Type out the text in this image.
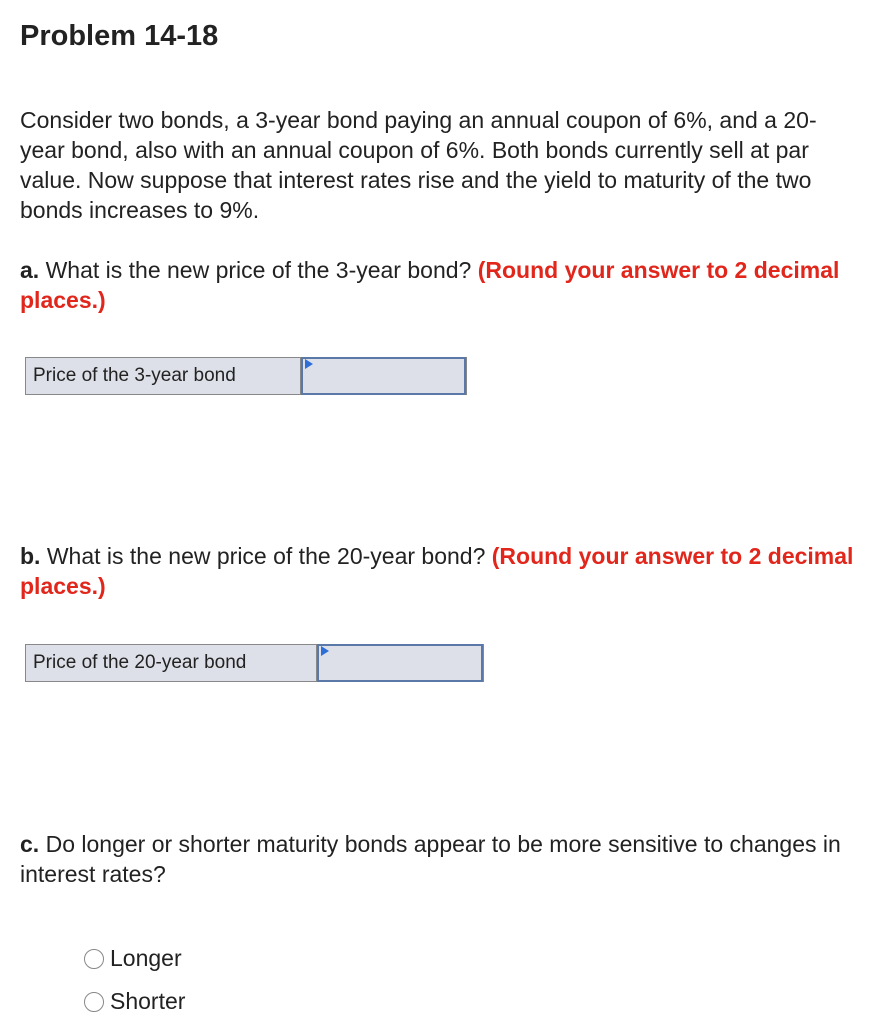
Problem 14-18

Consider two bonds, a 3-year bond paying an annual coupon of 6%, and a 20-year bond, also with an annual coupon of 6%. Both bonds currently sell at par value. Now suppose that interest rates rise and the yield to maturity of the two bonds increases to 9%.

a. What is the new price of the 3-year bond? (Round your answer to 2 decimal places.)

Price of the 3-year bond

b. What is the new price of the 20-year bond? (Round your answer to 2 decimal places.)

Price of the 20-year bond

c. Do longer or shorter maturity bonds appear to be more sensitive to changes in interest rates?

Longer
Shorter
